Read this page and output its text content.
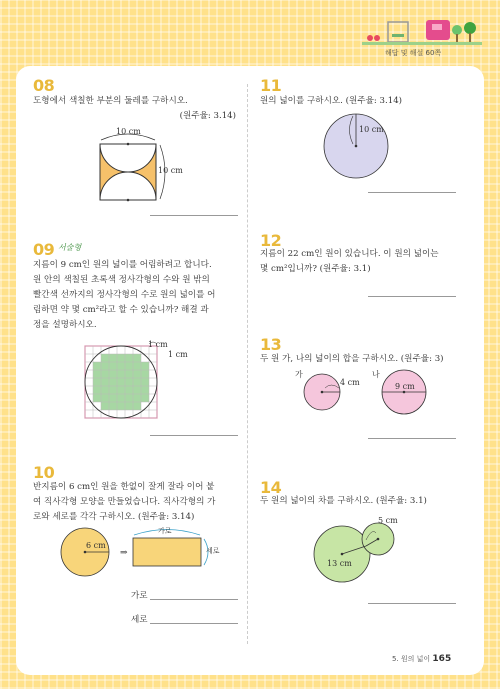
해답 및 해설 60쪽
08
도형에서 색칠한 부분의 둘레를 구하시오.
(원주율: 3.14)
10 cm
10 cm
09 서술형
지름이 9 cm인 원의 넓이를 어림하려고 합니다.
원 안의 색칠된 초록색 정사각형의 수와 원 밖의
빨간색 선까지의 정사각형의 수로 원의 넓이를 어
림하면 약 몇 cm²라고 할 수 있습니까? 해결 과
정을 설명하시오.
1 cm
1 cm
10
반지름이 6 cm인 원을 한없이 잘게 잘라 이어 붙
여 직사각형 모양을 만들었습니다. 직사각형의 가
로와 세로를 각각 구하시오. (원주율: 3.14)
⇒
6 cm
가로
세로
가로
세로
11
원의 넓이를 구하시오. (원주율: 3.14)
10 cm
12
지름이 22 cm인 원이 있습니다. 이 원의 넓이는
몇 cm²입니까? (원주율: 3.1)
13
두 원 가, 나의 넓이의 합을 구하시오. (원주율: 3)
가
4 cm
나
9 cm
14
두 원의 넓이의 차를 구하시오. (원주율: 3.1)
5 cm
13 cm
5. 원의 넓이 165
